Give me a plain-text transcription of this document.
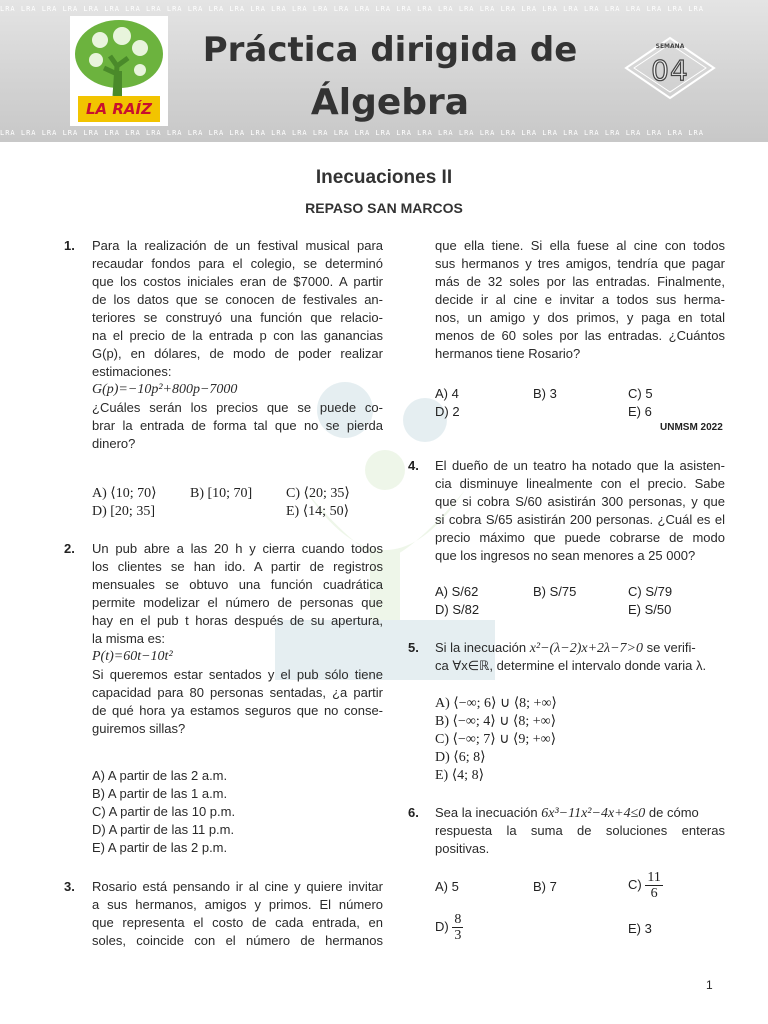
LRA LRA LRA LRA LRA LRA LRA LRA LRA LRA LRA LRA LRA LRA LRA LRA LRA LRA LRA LRA LRA LRA LRA LRA LRA LRA LRA LRA LRA LRA LRA LRA LRA LRA
LRA LRA LRA LRA LRA LRA LRA LRA LRA LRA LRA LRA LRA LRA LRA LRA LRA LRA LRA LRA LRA LRA LRA LRA LRA LRA LRA LRA LRA LRA LRA LRA LRA LRA
LA RAÍZ
Práctica dirigida de
Álgebra
SEMANA
04
Inecuaciones II
REPASO SAN MARCOS
1. Para la realización de un festival musical para
recaudar fondos para el colegio, se determinó
que los costos iniciales eran de $7000. A partir
de los datos que se conocen de festivales an-
teriores se construyó una función que relacio-
na el precio de la entrada p con las ganancias
G(p), en dólares, de modo de poder realizar
estimaciones:
G(p)=−10p²+800p−7000
¿Cuáles serán los precios que se puede co-
brar la entrada de forma tal que no se pierda
dinero?
A) ⟨10; 70⟩ B) [10; 70] C) ⟨20; 35⟩
D) [20; 35]	E) ⟨14; 50⟩
2. Un pub abre a las 20 h y cierra cuando todos
los clientes se han ido. A partir de registros
mensuales se obtuvo una función cuadrática
permite modelizar el número de personas que
hay en el pub t horas después de su apertura,
la misma es:
P(t)=60t−10t²
Si queremos estar sentados y el pub sólo tiene
capacidad para 80 personas sentadas, ¿a partir
de qué hora ya estamos seguros que no conse-
guiremos sillas?
A) A partir de las 2 a.m.
B) A partir de las 1 a.m.
C) A partir de las 10 p.m.
D) A partir de las 11 p.m.
E) A partir de las 2 p.m.
3. Rosario está pensando ir al cine y quiere invitar
a sus hermanos, amigos y primos. El número
que representa el costo de cada entrada, en
soles, coincide con el número de hermanos
que ella tiene. Si ella fuese al cine con todos
sus hermanos y tres amigos, tendría que pagar
más de 32 soles por las entradas. Finalmente,
decide ir al cine e invitar a todos sus herma-
nos, un amigo y dos primos, y paga en total
menos de 60 soles por las entradas. ¿Cuántos
hermanos tiene Rosario?
A) 4	B) 3	C) 5
D) 2	E) 6
UNMSM 2022
4. El dueño de un teatro ha notado que la asisten-
cia disminuye linealmente con el precio. Sabe
que si cobra S/60 asistirán 300 personas, y que
si cobra S/65 asistirán 200 personas. ¿Cuál es el
precio máximo que puede cobrarse de modo
que los ingresos no sean menores a 25 000?
A) S/62	B) S/75	C) S/79
D) S/82	E) S/50
5. Si la inecuación x²−(λ−2)x+2λ−7>0 se verifi-
ca ∀x∈ℝ, determine el intervalo donde varia λ.
A) ⟨−∞; 6⟩ ∪ ⟨8; +∞⟩
B) ⟨−∞; 4⟩ ∪ ⟨8; +∞⟩
C) ⟨−∞; 7⟩ ∪ ⟨9; +∞⟩
D) ⟨6; 8⟩
E) ⟨4; 8⟩
6. Sea la inecuación 6x³−11x²−4x+4≤0 de cómo
respuesta la suma de soluciones enteras
positivas.
A) 5	B) 7	$C) \frac{11}{6}$
$D) \frac{8}{3}$	E) 3
1
